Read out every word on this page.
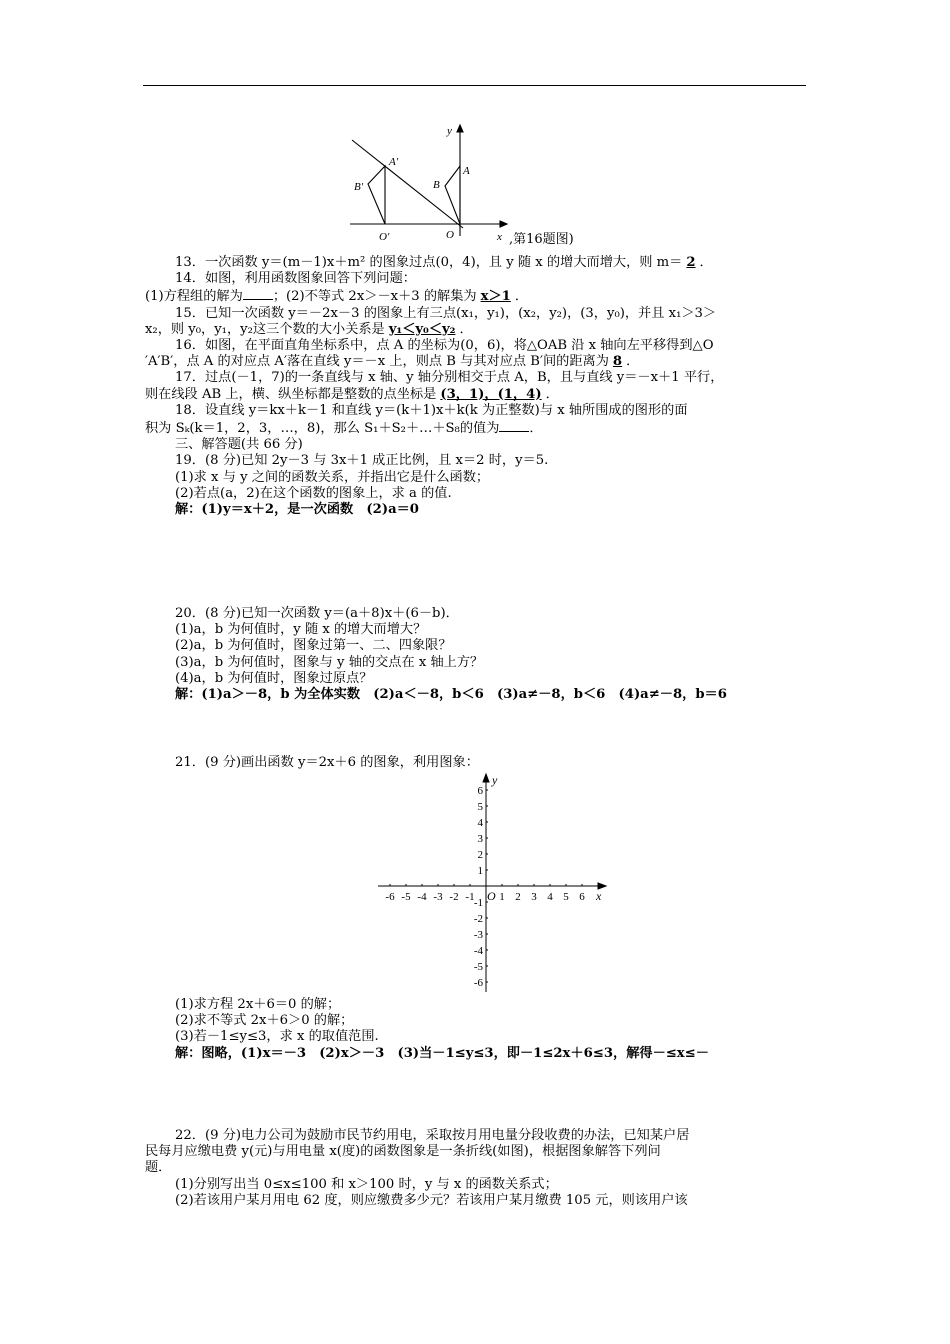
y
x
A
B
A′
B′
O
O′	,第16题图)
13．一次函数 y＝(m－1)x＋m² 的图象过点(0，4)，且 y 随 x 的增大而增大，则 m＝ 2 ．
14．如图，利用函数图象回答下列问题：
(1)方程组的解为 ；(2)不等式 2x＞－x＋3 的解集为 x＞1 ．
15．已知一次函数 y＝－2x－3 的图象上有三点(x₁，y₁)，(x₂，y₂)，(3，y₀)，并且 x₁＞3＞
x₂，则 y₀，y₁，y₂这三个数的大小关系是 y₁＜y₀＜y₂ ．
16．如图，在平面直角坐标系中，点 A 的坐标为(0，6)，将△OAB 沿 x 轴向左平移得到△O
′A′B′，点 A 的对应点 A′落在直线 y＝－x 上，则点 B 与其对应点 B′间的距离为 8 ．
17．过点(－1，7)的一条直线与 x 轴、y 轴分别相交于点 A，B，且与直线 y＝－x＋1 平行，
则在线段 AB 上，横、纵坐标都是整数的点坐标是 (3，1)，(1，4) ．
18．设直线 y＝kx＋k－1 和直线 y＝(k＋1)x＋k(k 为正整数)与 x 轴所围成的图形的面
积为 Sₖ(k＝1，2，3，…，8)，那么 S₁＋S₂＋…＋S₈的值为 ．
三、解答题(共 66 分)
19．(8 分)已知 2y－3 与 3x＋1 成正比例，且 x＝2 时，y＝5.
(1)求 x 与 y 之间的函数关系，并指出它是什么函数；
(2)若点(a，2)在这个函数的图象上，求 a 的值.
解：(1)y＝x＋2，是一次函数　(2)a＝0
20．(8 分)已知一次函数 y＝(a＋8)x＋(6－b)．
(1)a，b 为何值时，y 随 x 的增大而增大？
(2)a，b 为何值时，图象过第一、二、四象限？
(3)a，b 为何值时，图象与 y 轴的交点在 x 轴上方？
(4)a，b 为何值时，图象过原点？
解：(1)a＞－8，b 为全体实数　(2)a＜－8，b＜6　(3)a≠－8，b＜6　(4)a≠－8，b＝6
21．(9 分)画出函数 y＝2x＋6 的图象，利用图象：
-6 -5 -4 -3 -2 -1 1 2 3 4 5 6
6
5
4
3
2
1
-1
-2
-3
-4
-5
-6
O	x
y
(1)求方程 2x＋6＝0 的解；
(2)求不等式 2x＋6＞0 的解；
(3)若－1≤y≤3，求 x 的取值范围.
解：图略，(1)x＝－3　(2)x＞－3　(3)当－1≤y≤3，即－1≤2x＋6≤3，解得－≤x≤－
22．(9 分)电力公司为鼓励市民节约用电，采取按月用电量分段收费的办法，已知某户居
民每月应缴电费 y(元)与用电量 x(度)的函数图象是一条折线(如图)，根据图象解答下列问
题．
(1)分别写出当 0≤x≤100 和 x＞100 时，y 与 x 的函数关系式；
(2)若该用户某月用电 62 度，则应缴费多少元？若该用户某月缴费 105 元，则该用户该
